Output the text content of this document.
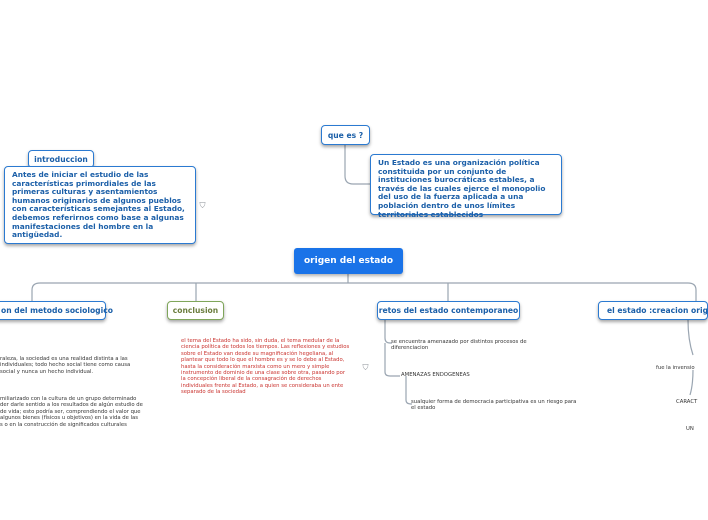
origen del estado
que es ?
Un Estado es una organización política constituida por un conjunto de instituciones burocráticas estables, a través de las cuales ejerce el monopolio del uso de la fuerza aplicada a una población dentro de unos límites territoriales establecidos
introduccion
Antes de iniciar el estudio de las características primordiales de las primeras culturas y asentamientos humanos originarios de algunos pueblos con características semejantes al Estado, debemos referirnos como base a algunas manifestaciones del hombre en la antigüedad.
⛉
on del metodo sociologico
raleza, la sociedad es una realidad distinta a las
individuales; todo hecho social tiene como causa
social y nunca un hecho individual.
miliarizado con la cultura de un grupo determinado
der darle sentido a los resultados de algún estudio de
de vida; esto podría ser, comprendiendo el valor que
algunos bienes (físicos u objetivos) en la vida de las
s o en la construcción de significados culturales
conclusion
el tema del Estado ha sido, sin duda, el tema medular de la
ciencia política de todos los tiempos. Las reflexiones y estudios
sobre el Estado van desde su magnificación hegeliana, al
plantear que todo lo que el hombre es y se lo debe al Estado,
hasta la consideración marxista como un mero y simple
instrumento de dominio de una clase sobre otra, pasando por
la concepción liberal de la consagración de derechos
individuales frente al Estado, a quien se consideraba un ente
separado de la sociedad
retos del estado contemporaneo
⛉
se encuentra amenazado por distintos procesos de
diferenciacion
AMENAZAS ENDOGENEAS
sualquier forma de democracia participativa es un riesgo para
el estado
el estado :creacion orig
fue la invensio
CARACT
UN
